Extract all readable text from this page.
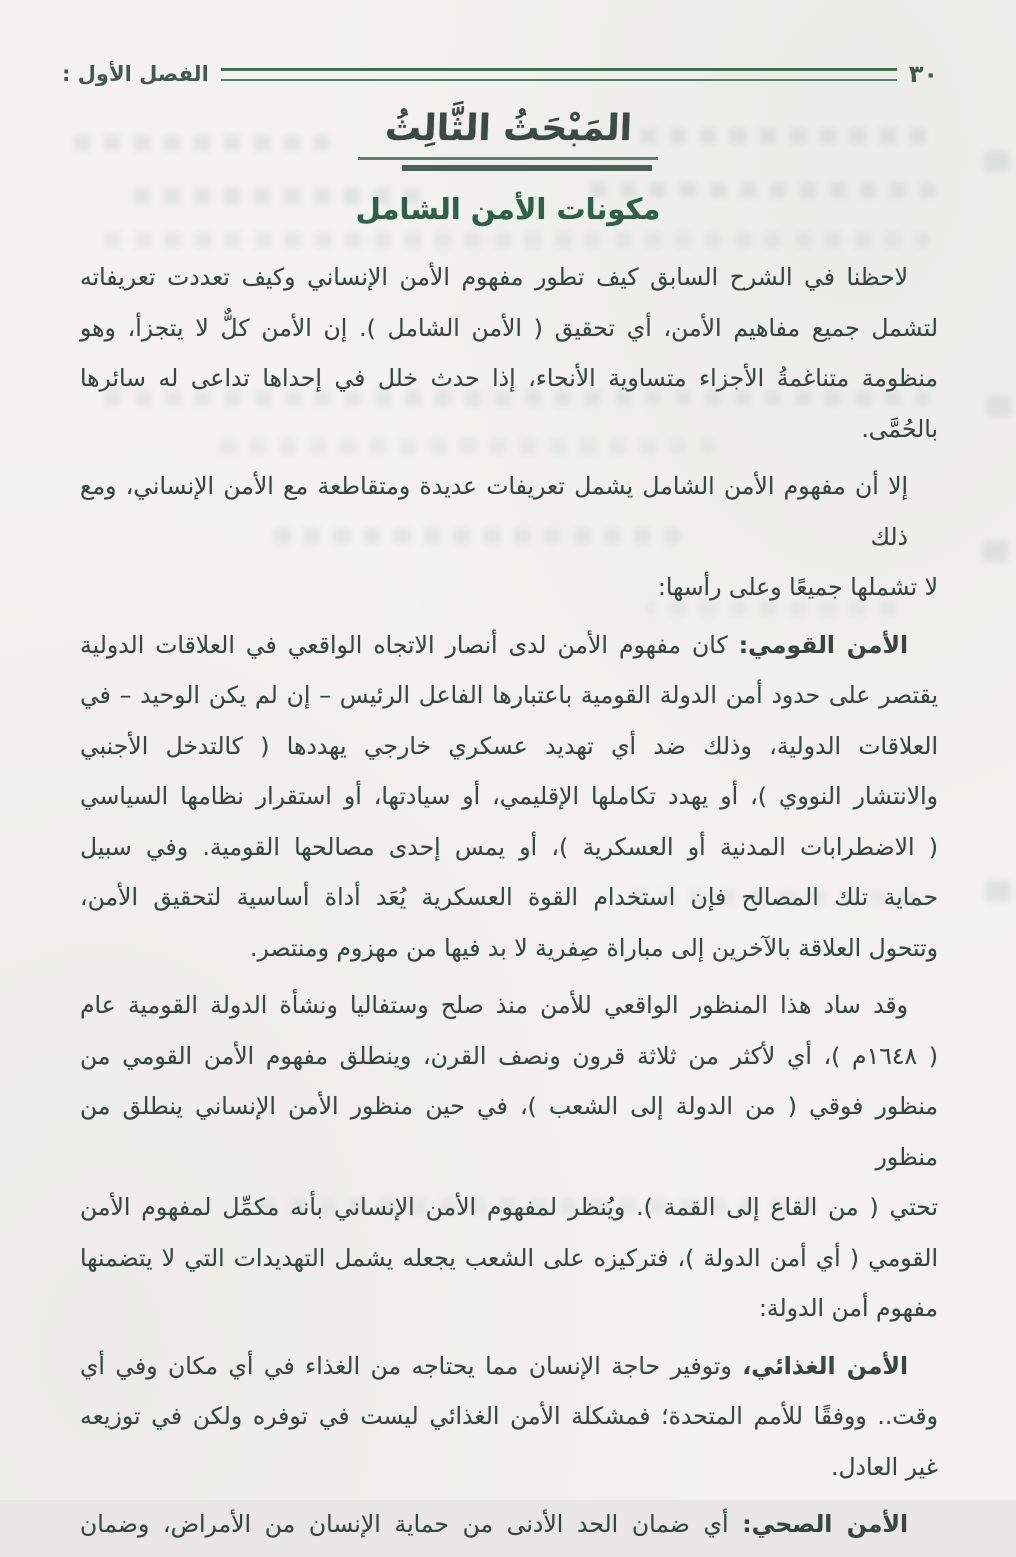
الفصل الأول :	٣٠
المَبْحَثُ الثَّالِثُ
مكونات الأمن الشامل
لاحظنا في الشرح السابق كيف تطور مفهوم الأمن الإنساني وكيف تعددت تعريفاته
لتشمل جميع مفاهيم الأمن، أي تحقيق ( الأمن الشامل ). إن الأمن كلٌّ لا يتجزأ، وهو
منظومة متناغمةُ الأجزاء متساوية الأنحاء، إذا حدث خلل في إحداها تداعى له سائرها
بالحُمَّى.
إلا أن مفهوم الأمن الشامل يشمل تعريفات عديدة ومتقاطعة مع الأمن الإنساني، ومع ذلك
لا تشملها جميعًا وعلى رأسها:
الأمن القومي: كان مفهوم الأمن لدى أنصار الاتجاه الواقعي في العلاقات الدولية
يقتصر على حدود أمن الدولة القومية باعتبارها الفاعل الرئيس – إن لم يكن الوحيد – في
العلاقات الدولية، وذلك ضد أي تهديد عسكري خارجي يهددها ( كالتدخل الأجنبي
والانتشار النووي )، أو يهدد تكاملها الإقليمي، أو سيادتها، أو استقرار نظامها السياسي
( الاضطرابات المدنية أو العسكرية )، أو يمس إحدى مصالحها القومية. وفي سبيل
حماية تلك المصالح فإن استخدام القوة العسكرية يُعَد أداة أساسية لتحقيق الأمن،
وتتحول العلاقة بالآخرين إلى مباراة صِفرية لا بد فيها من مهزوم ومنتصر.
وقد ساد هذا المنظور الواقعي للأمن منذ صلح وستفاليا ونشأة الدولة القومية عام
( ١٦٤٨م )، أي لأكثر من ثلاثة قرون ونصف القرن، وينطلق مفهوم الأمن القومي من
منظور فوقي ( من الدولة إلى الشعب )، في حين منظور الأمن الإنساني ينطلق من منظور
تحتي ( من القاع إلى القمة ). ويُنظر لمفهوم الأمن الإنساني بأنه مكمِّل لمفهوم الأمن
القومي ( أي أمن الدولة )، فتركيزه على الشعب يجعله يشمل التهديدات التي لا يتضمنها
مفهوم أمن الدولة:
الأمن الغذائي، وتوفير حاجة الإنسان مما يحتاجه من الغذاء في أي مكان وفي أي
وقت.. ووفقًا للأمم المتحدة؛ فمشكلة الأمن الغذائي ليست في توفره ولكن في توزيعه
غير العادل.
الأمن الصحي: أي ضمان الحد الأدنى من حماية الإنسان من الأمراض، وضمان
